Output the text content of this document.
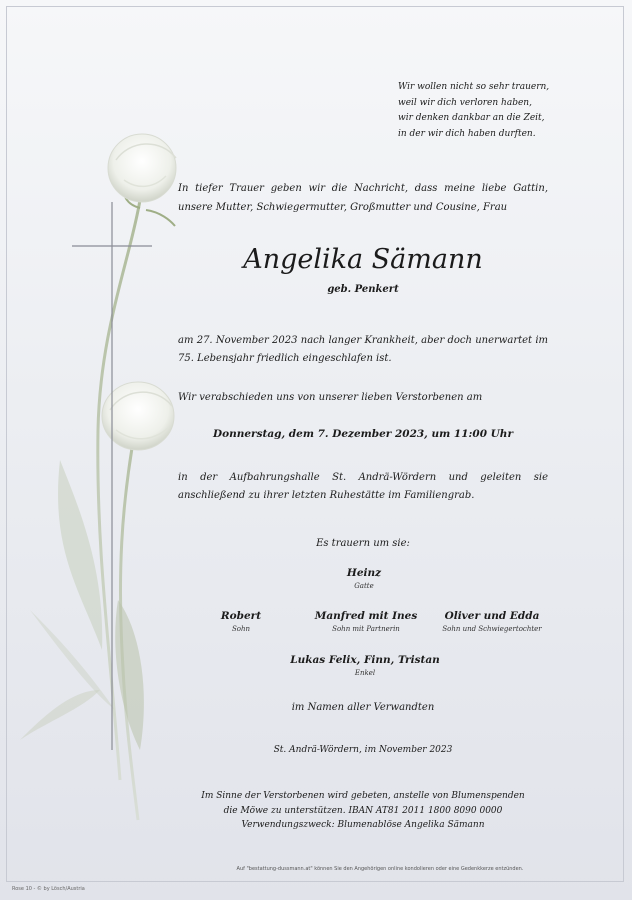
Wir wollen nicht so sehr trauern,
weil wir dich verloren haben,
wir denken dankbar an die Zeit,
in der wir dich haben durften.
In tiefer Trauer geben wir die Nachricht, dass meine liebe Gattin, unsere Mutter, Schwiegermutter, Großmutter und Cousine, Frau
Angelika Sämann
geb. Penkert
am 27. November 2023 nach langer Krankheit, aber doch unerwartet im 75. Lebensjahr friedlich eingeschlafen ist.
Wir verabschieden uns von unserer lieben Verstorbenen am
Donnerstag, dem 7. Dezember 2023, um 11:00 Uhr
in der Aufbahrungshalle St. Andrä-Wördern und geleiten sie anschließend zu ihrer letzten Ruhestätte im Familiengrab.
Es trauern um sie:
Heinz
Gatte
Robert
Sohn
Manfred mit Ines
Sohn mit Partnerin
Oliver und Edda
Sohn und Schwiegertochter
Lukas Felix, Finn, Tristan
Enkel
im Namen aller Verwandten
St. Andrä-Wördern, im November 2023
Im Sinne der Verstorbenen wird gebeten, anstelle von Blumenspenden
die Möwe zu unterstützen. IBAN AT81 2011 1800 8090 0000
Verwendungszweck: Blumenablöse Angelika Sämann
Auf "bestattung-dussmann.at" können Sie den Angehörigen online kondolieren oder eine Gedenkkerze entzünden.
Rose 10 - © by Lösch/Austria
